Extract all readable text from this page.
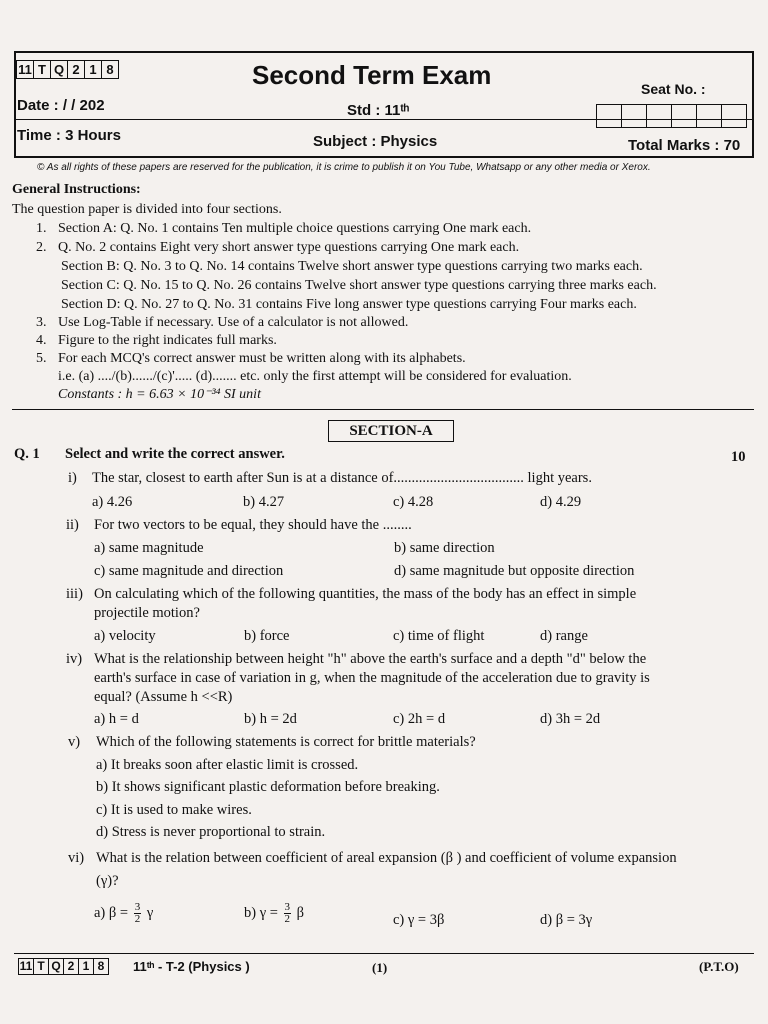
11 T Q 2 1 8	Second Term Exam	Seat No. :
Date : / / 202	Std : 11ᵗʰ
Time : 3 Hours	Subject : Physics	Total Marks : 70
© As all rights of these papers are reserved for the publication, it is crime to publish it on You Tube, Whatsapp or any other media or Xerox.
General Instructions:
The question paper is divided into four sections.
1. Section A: Q. No. 1 contains Ten multiple choice questions carrying One mark each.
2. Q. No. 2 contains Eight very short answer type questions carrying One mark each.
Section B: Q. No. 3 to Q. No. 14 contains Twelve short answer type questions carrying two marks each.
Section C: Q. No. 15 to Q. No. 26 contains Twelve short answer type questions carrying three marks each.
Section D: Q. No. 27 to Q. No. 31 contains Five long answer type questions carrying Four marks each.
3. Use Log-Table if necessary. Use of a calculator is not allowed.
4. Figure to the right indicates full marks.
5. For each MCQ's correct answer must be written along with its alphabets.
i.e. (a) ..../(b)....../(c)'..... (d)....... etc. only the first attempt will be considered for evaluation.
Constants : h = 6.63 × 10⁻³⁴ SI unit
SECTION-A
Q. 1 Select and write the correct answer.	10
i) The star, closest to earth after Sun is at a distance of.................................... light years.
a) 4.26	b) 4.27	c) 4.28	d) 4.29
ii) For two vectors to be equal, they should have the ........
a) same magnitude	b) same direction
c) same magnitude and direction	d) same magnitude but opposite direction
iii) On calculating which of the following quantities, the mass of the body has an effect in simple
projectile motion?
a) velocity	b) force	c) time of flight	d) range
iv) What is the relationship between height "h" above the earth's surface and a depth "d" below the
earth's surface in case of variation in g, when the magnitude of the acceleration due to gravity is
equal? (Assume h <<R)
a) h = d	b) h = 2d	c) 2h = d	d) 3h = 2d
v) Which of the following statements is correct for brittle materials?
a) It breaks soon after elastic limit is crossed.
b) It shows significant plastic deformation before breaking.
c) It is used to make wires.
d) Stress is never proportional to strain.
vi) What is the relation between coefficient of areal expansion (β ) and coefficient of volume expansion
(γ)?
a) $\beta = \frac{3}{2}$ γ	b) $\gamma = \frac{3}{2}$ β	c) γ = 3β	d) β = 3γ
11 T Q 2 1 8 11ᵗʰ - T-2 (Physics )	(1)	(P.T.O)
